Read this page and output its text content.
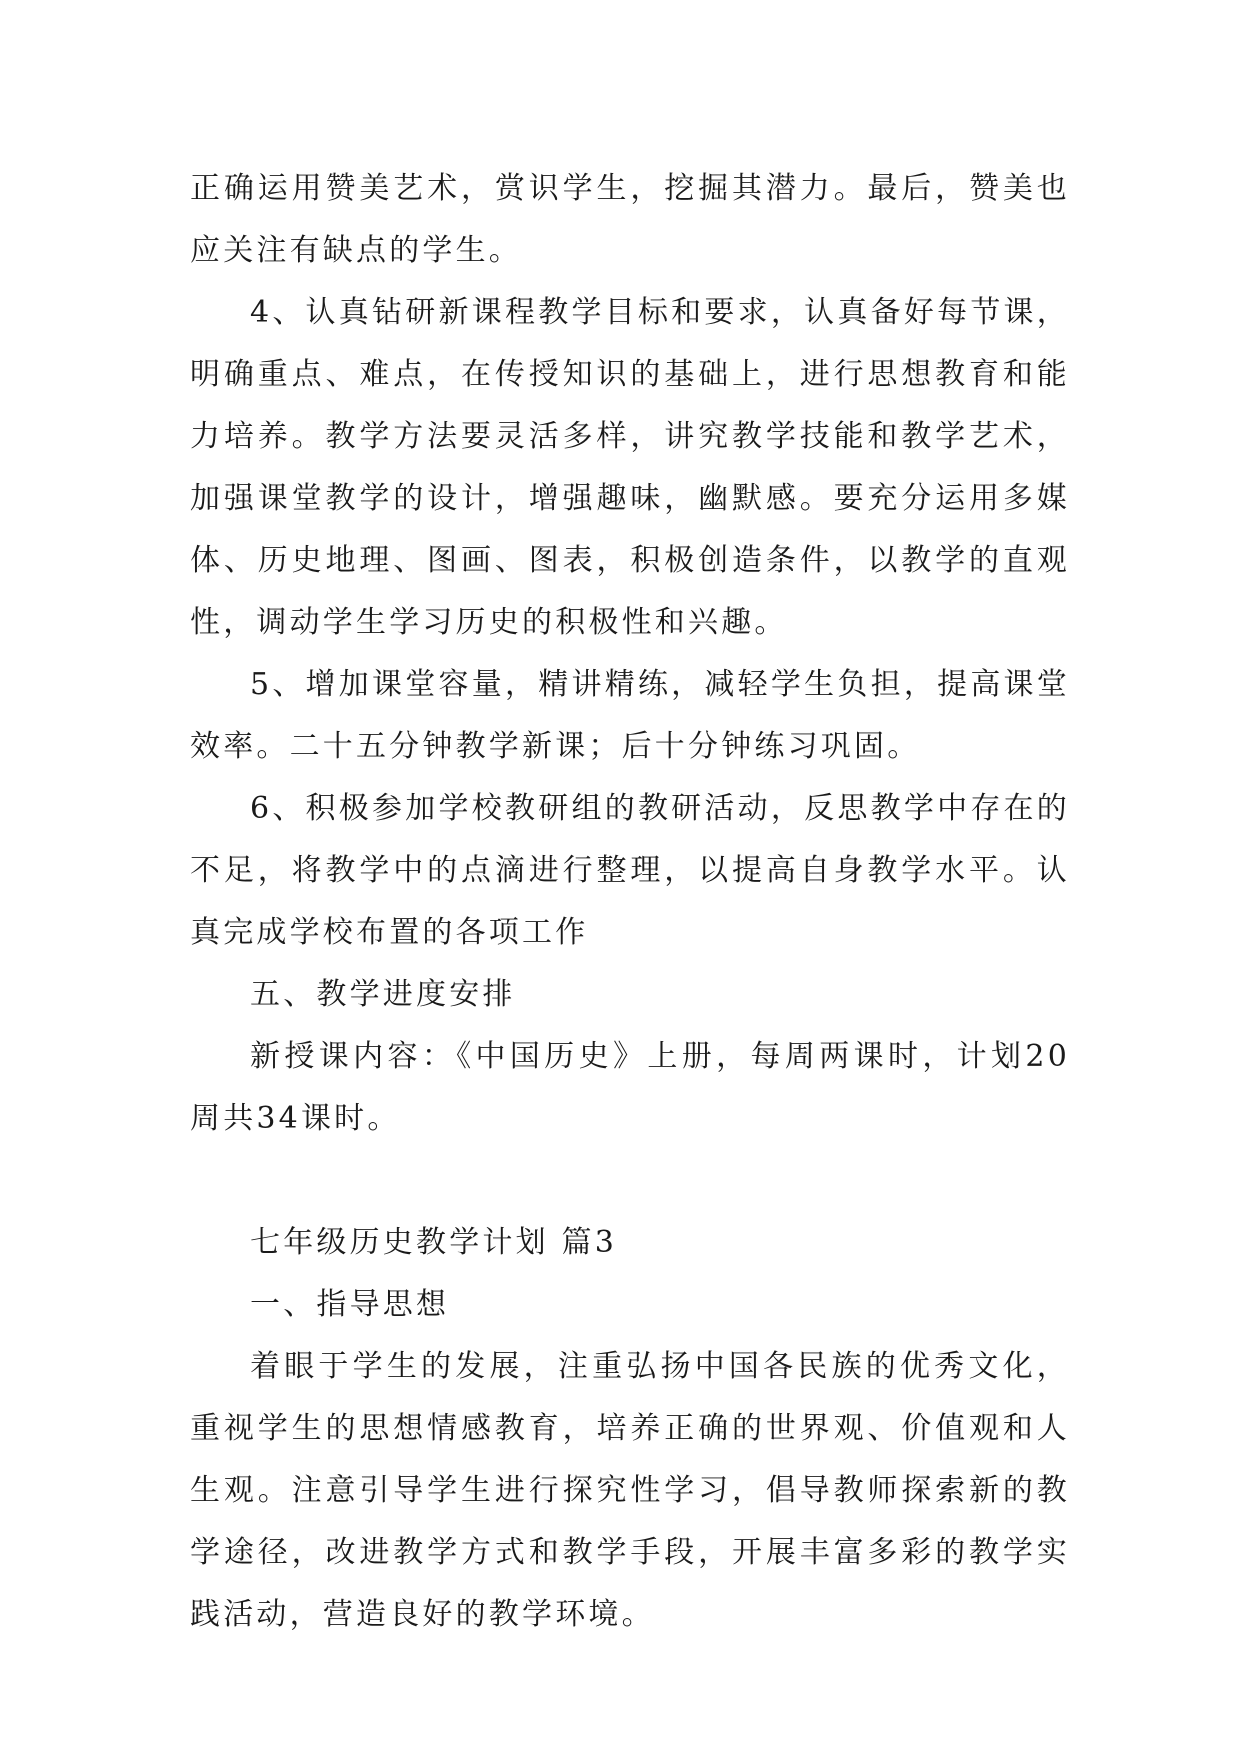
正确运用赞美艺术，赏识学生，挖掘其潜力。最后，赞美也应关注有缺点的学生。

4、认真钻研新课程教学目标和要求，认真备好每节课，明确重点、难点，在传授知识的基础上，进行思想教育和能力培养。教学方法要灵活多样，讲究教学技能和教学艺术，加强课堂教学的设计，增强趣味，幽默感。要充分运用多媒体、历史地理、图画、图表，积极创造条件，以教学的直观性，调动学生学习历史的积极性和兴趣。

5、增加课堂容量，精讲精练，减轻学生负担，提高课堂效率。二十五分钟教学新课；后十分钟练习巩固。

6、积极参加学校教研组的教研活动，反思教学中存在的不足，将教学中的点滴进行整理，以提高自身教学水平。认真完成学校布置的各项工作

五、教学进度安排

新授课内容：《中国历史》上册，每周两课时，计划20周共34课时。

七年级历史教学计划 篇3

一、指导思想

着眼于学生的发展，注重弘扬中国各民族的优秀文化，重视学生的思想情感教育，培养正确的世界观、价值观和人生观。注意引导学生进行探究性学习，倡导教师探索新的教学途径，改进教学方式和教学手段，开展丰富多彩的教学实践活动，营造良好的教学环境。
